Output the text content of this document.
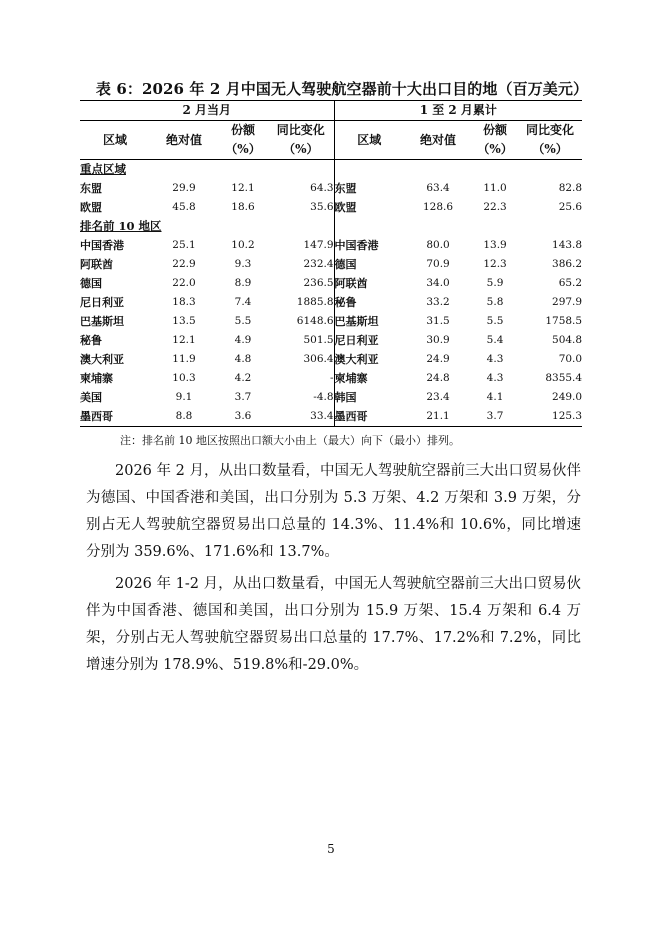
表 6：2026 年 2 月中国无人驾驶航空器前十大出口目的地（百万美元）
2 月当月				1 至 2 月累计			
区域	绝对值	份额（%）	同比变化（%）	区域	绝对值	份额（%）	同比变化（%）
重点区域							
东盟	29.9	12.1	64.3	东盟	63.4	11.0	82.8
欧盟	45.8	18.6	35.6	欧盟	128.6	22.3	25.6
排名前 10 地区							
中国香港	25.1	10.2	147.9	中国香港	80.0	13.9	143.8
阿联酋	22.9	9.3	232.4	德国	70.9	12.3	386.2
德国	22.0	8.9	236.5	阿联酋	34.0	5.9	65.2
尼日利亚	18.3	7.4	1885.8	秘鲁	33.2	5.8	297.9
巴基斯坦	13.5	5.5	6148.6	巴基斯坦	31.5	5.5	1758.5
秘鲁	12.1	4.9	501.5	尼日利亚	30.9	5.4	504.8
澳大利亚	11.9	4.8	306.4	澳大利亚	24.9	4.3	70.0
柬埔寨	10.3	4.2	-	柬埔寨	24.8	4.3	8355.4
美国	9.1	3.7	-4.8	韩国	23.4	4.1	249.0
墨西哥	8.8	3.6	33.4	墨西哥	21.1	3.7	125.3
注：排名前 10 地区按照出口额大小由上（最大）向下（最小）排列。

2026 年 2 月，从出口数量看，中国无人驾驶航空器前三大出口贸易伙伴为德国、中国香港和美国，出口分别为 5.3 万架、4.2 万架和 3.9 万架，分别占无人驾驶航空器贸易出口总量的 14.3%、11.4%和 10.6%，同比增速分别为 359.6%、171.6%和 13.7%。

2026 年 1-2 月，从出口数量看，中国无人驾驶航空器前三大出口贸易伙伴为中国香港、德国和美国，出口分别为 15.9 万架、15.4 万架和 6.4 万架，分别占无人驾驶航空器贸易出口总量的 17.7%、17.2%和 7.2%，同比增速分别为 178.9%、519.8%和-29.0%。

5
